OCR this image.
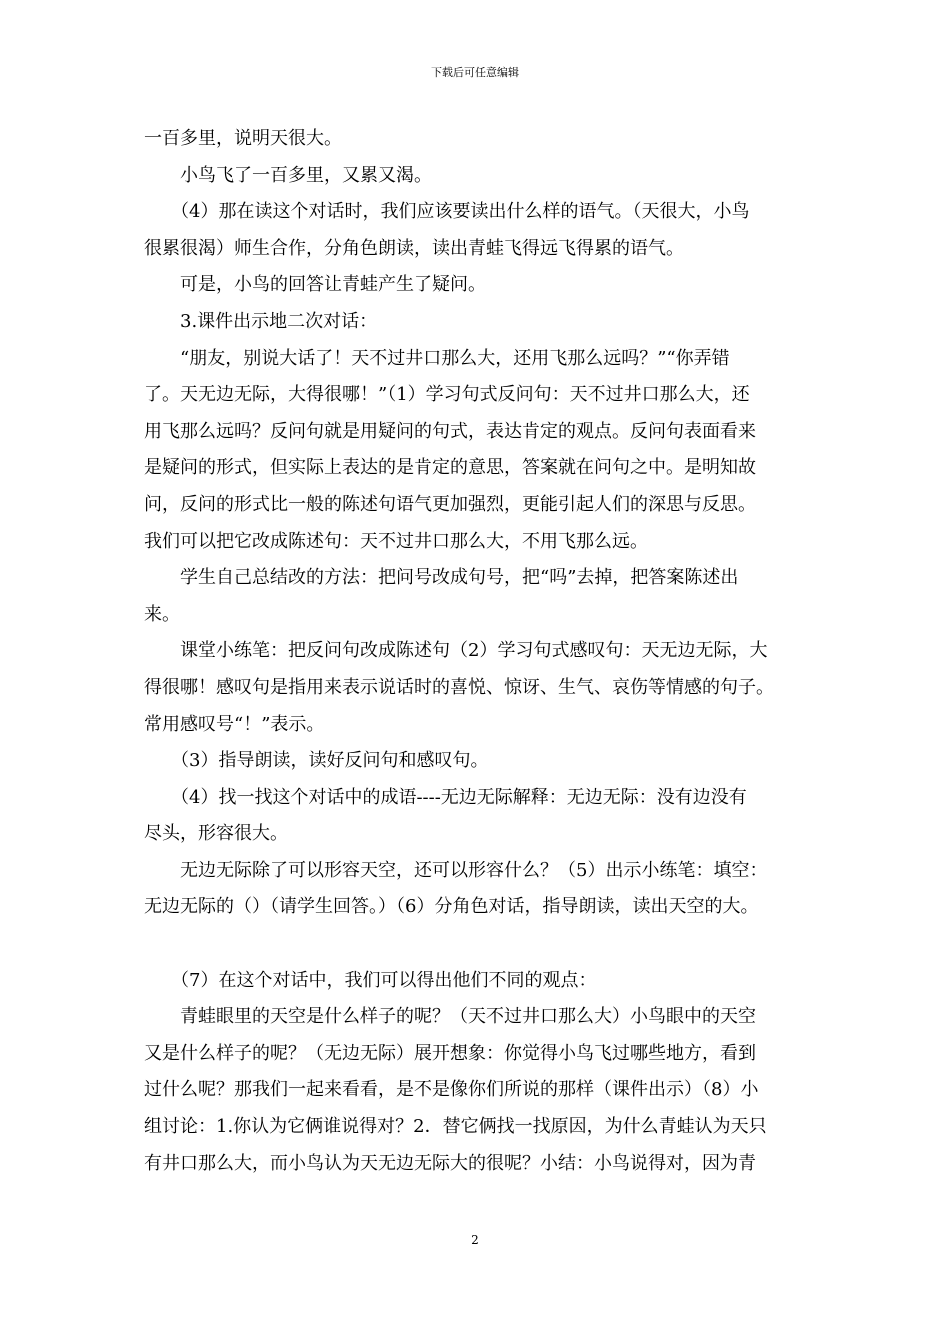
下载后可任意编辑

一百多里，说明天很大。

　　小鸟飞了一百多里，又累又渴。

　　（4）那在读这个对话时，我们应该要读出什么样的语气。（天很大，小鸟

很累很渴）师生合作，分角色朗读，读出青蛙飞得远飞得累的语气。

　　可是，小鸟的回答让青蛙产生了疑问。

　　3.课件出示地二次对话：

　　“朋友，别说大话了！天不过井口那么大，还用飞那么远吗？”“你弄错

了。天无边无际，大得很哪！”（1）学习句式反问句：天不过井口那么大，还

用飞那么远吗？反问句就是用疑问的句式，表达肯定的观点。反问句表面看来

是疑问的形式，但实际上表达的是肯定的意思，答案就在问句之中。是明知故

问，反问的形式比一般的陈述句语气更加强烈，更能引起人们的深思与反思。

我们可以把它改成陈述句：天不过井口那么大，不用飞那么远。

　　学生自己总结改的方法：把问号改成句号，把“吗”去掉，把答案陈述出

来。

　　课堂小练笔：把反问句改成陈述句（2）学习句式感叹句：天无边无际，大

得很哪！感叹句是指用来表示说话时的喜悦、惊讶、生气、哀伤等情感的句子。

常用感叹号“！”表示。

　　（3）指导朗读，读好反问句和感叹句。

　　（4）找一找这个对话中的成语----无边无际解释：无边无际：没有边没有

尽头，形容很大。

　　无边无际除了可以形容天空，还可以形容什么？（5）出示小练笔：填空：

无边无际的（）（请学生回答。）（6）分角色对话，指导朗读，读出天空的大。

　　（7）在这个对话中，我们可以得出他们不同的观点：

　　青蛙眼里的天空是什么样子的呢？（天不过井口那么大）小鸟眼中的天空

又是什么样子的呢？（无边无际）展开想象：你觉得小鸟飞过哪些地方，看到

过什么呢？那我们一起来看看，是不是像你们所说的那样（课件出示）（8）小

组讨论：1.你认为它俩谁说得对？2．替它俩找一找原因，为什么青蛙认为天只

有井口那么大，而小鸟认为天无边无际大的很呢？小结：小鸟说得对，因为青

2
